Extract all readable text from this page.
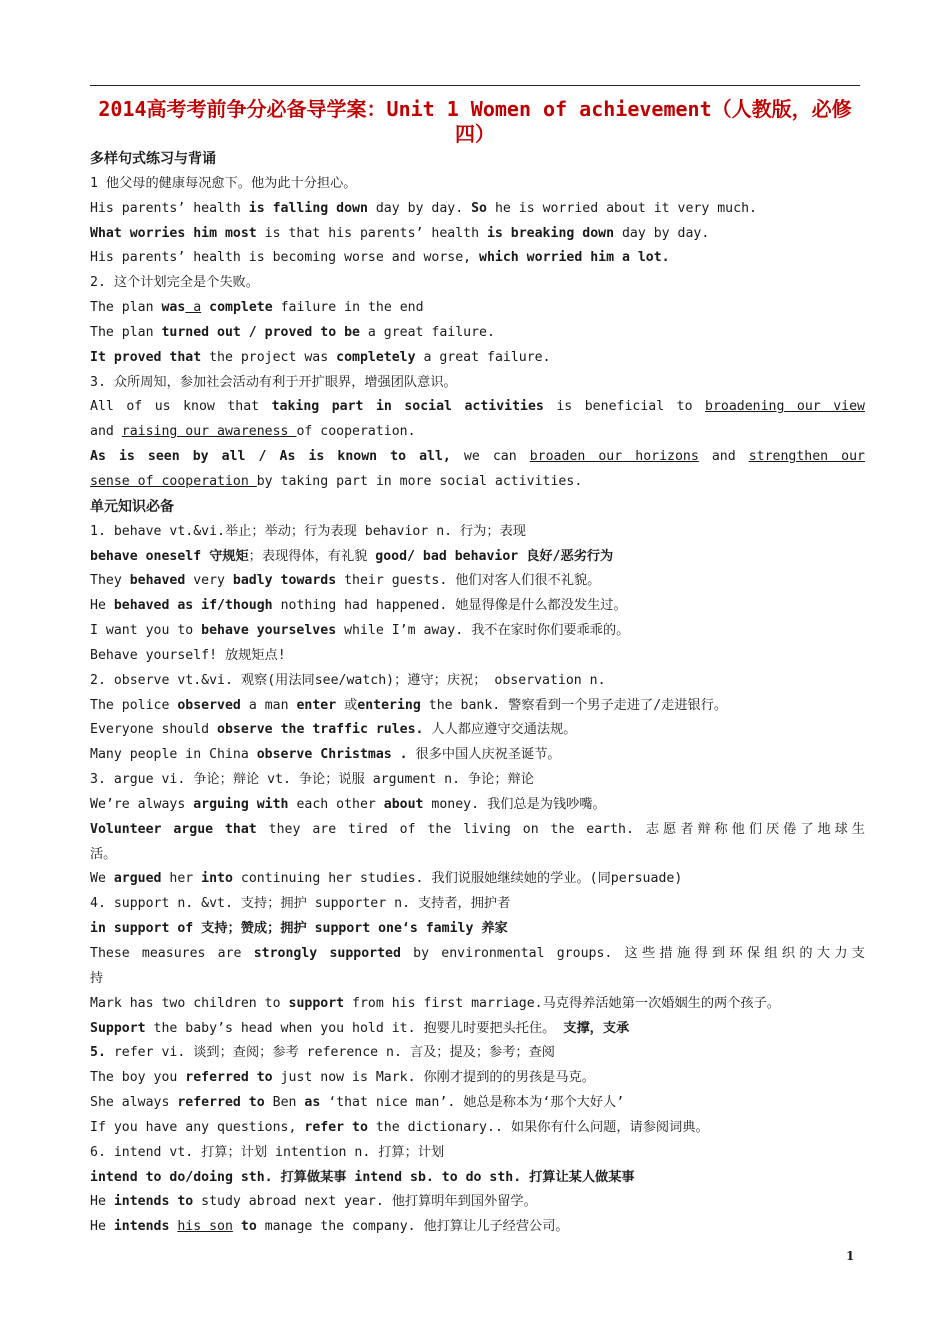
2014高考考前争分必备导学案：Unit 1 Women of achievement（人教版，必修四）
多样句式练习与背诵
1 他父母的健康每况愈下。他为此十分担心。
His parents’ health is falling down day by day. So he is worried about it very much.
What worries him most is that his parents’ health is breaking down day by day.
His parents’ health is becoming worse and worse, which worried him a lot.
2. 这个计划完全是个失败。
The plan was a complete failure in the end
The plan turned out / proved to be a great failure.
It proved that the project was completely a great failure.
3. 众所周知，参加社会活动有利于开扩眼界，增强团队意识。
All of us know that taking part in social activities is beneficial to broadening our view
and raising our awareness of cooperation.
As is seen by all / As is known to all, we can broaden our horizons and strengthen our
sense of cooperation by taking part in more social activities.
单元知识必备
1. behave vt.&vi.举止；举动；行为表现 behavior n. 行为；表现
behave oneself 守规矩；表现得体，有礼貌 good/ bad behavior 良好/恶劣行为
They behaved very badly towards their guests. 他们对客人们很不礼貌。
He behaved as if/though nothing had happened. 她显得像是什么都没发生过。
I want you to behave yourselves while I’m away. 我不在家时你们要乖乖的。
Behave yourself! 放规矩点!
2. observe vt.&vi. 观察(用法同see/watch)；遵守；庆祝； observation n.
The police observed a man enter 或entering the bank. 警察看到一个男子走进了/走进银行。
Everyone should observe the traffic rules. 人人都应遵守交通法规。
Many people in China observe Christmas . 很多中国人庆祝圣诞节。
3. argue vi. 争论；辩论 vt. 争论；说服 argument n. 争论；辩论
We’re always arguing with each other about money. 我们总是为钱吵嘴。
Volunteer argue that they are tired of the living on the earth. 志愿者辩称他们厌倦了地球生
活。
We argued her into continuing her studies. 我们说服她继续她的学业。(同persuade)
4. support n. &vt. 支持；拥护 supporter n. 支持者，拥护者
in support of 支持；赞成；拥护 support one‘s family 养家
These measures are strongly supported by environmental groups. 这些措施得到环保组织的大力支
持
Mark has two children to support from his first marriage.马克得养活她第一次婚姻生的两个孩子。
Support the baby’s head when you hold it. 抱婴儿时要把头托住。 支撑，支承
5. refer vi. 谈到；查阅；参考 reference n. 言及；提及；参考；查阅
The boy you referred to just now is Mark. 你刚才提到的的男孩是马克。
She always referred to Ben as ‘that nice man’. 她总是称本为‘那个大好人’
If you have any questions, refer to the dictionary.. 如果你有什么问题，请参阅词典。
6. intend vt. 打算；计划 intention n. 打算；计划
intend to do/doing sth. 打算做某事 intend sb. to do sth. 打算让某人做某事
He intends to study abroad next year. 他打算明年到国外留学。
He intends his son to manage the company. 他打算让儿子经营公司。
1
